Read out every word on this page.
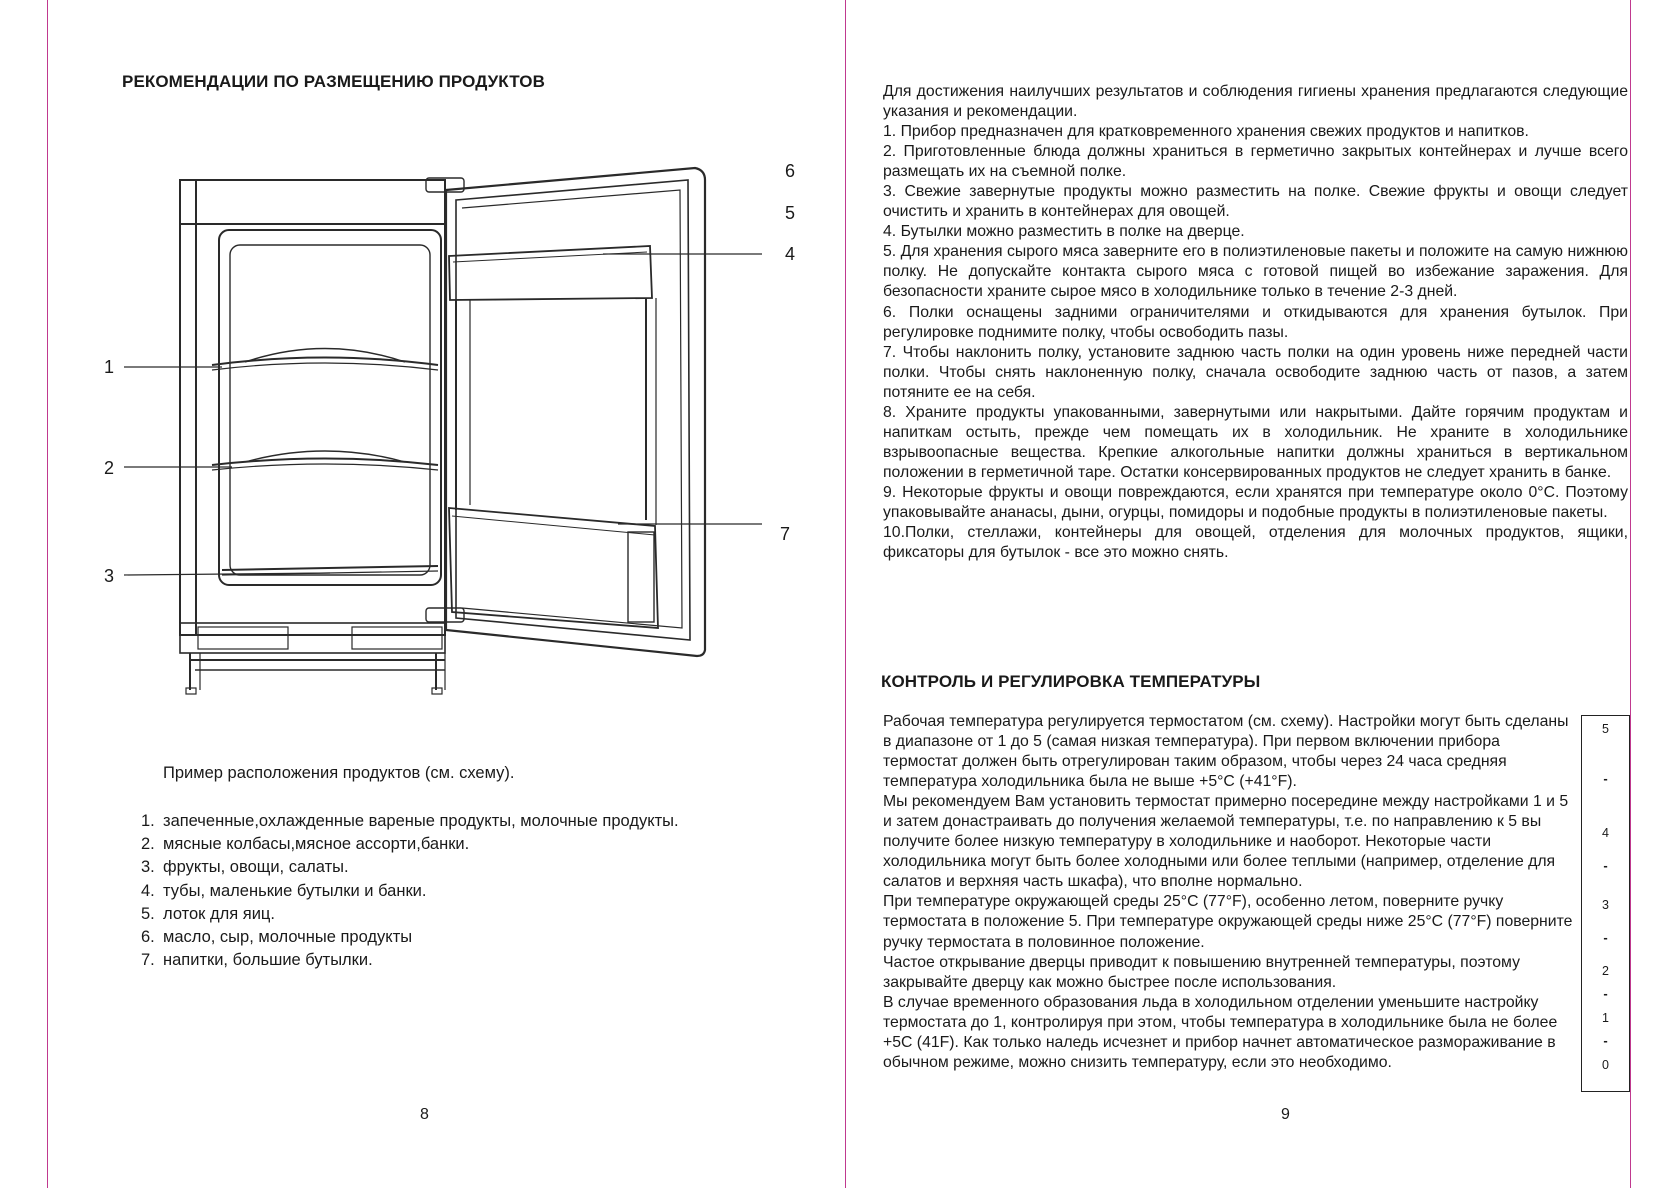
РЕКОМЕНДАЦИИ ПО РАЗМЕЩЕНИЮ ПРОДУКТОВ
1
2
3
4
5
6
7

Пример расположения продуктов (см. схему).

1. запеченные,охлажденные вареные продукты, молочные продукты.
2. мясные колбасы,мясное ассорти,банки.
3. фрукты, овощи, салаты.
4. тубы, маленькие бутылки и банки.
5. лоток для яиц.
6. масло, сыр, молочные продукты
7. напитки, большие бутылки.
8

Для достижения наилучших результатов и соблюдения гигиены хранения предлагаются следующие указания и рекомендации.

1. Прибор предназначен для кратковременного хранения свежих продуктов и напитков.

2. Приготовленные блюда должны храниться в герметично закрытых контейнерах и лучше всего размещать их на съемной полке.

3. Свежие завернутые продукты можно разместить на полке. Свежие фрукты и овощи следует очистить и хранить в контейнерах для овощей.

4. Бутылки можно разместить в полке на дверце.

5. Для хранения сырого мяса заверните его в полиэтиленовые пакеты и положите на самую нижнюю полку. Не допускайте контакта сырого мяса с готовой пищей во избежание заражения. Для безопасности храните сырое мясо в холодильнике только в течение 2-3 дней.

6. Полки оснащены задними ограничителями и откидываются для хранения бутылок. При регулировке поднимите полку, чтобы освободить пазы.

7. Чтобы наклонить полку, установите заднюю часть полки на один уровень ниже передней части полки. Чтобы снять наклоненную полку, сначала освободите заднюю часть от пазов, а затем потяните ее на себя.

8. Храните продукты упакованными, завернутыми или накрытыми. Дайте горячим продуктам и напиткам остыть, прежде чем помещать их в холодильник. Не храните в холодильнике взрывоопасные вещества. Крепкие алкогольные напитки должны храниться в вертикальном положении в герметичной таре. Остатки консервированных продуктов не следует хранить в банке.

9. Некоторые фрукты и овощи повреждаются, если хранятся при температуре около 0°C. Поэтому упаковывайте ананасы, дыни, огурцы, помидоры и подобные продукты в полиэтиленовые пакеты.

10.Полки, стеллажи, контейнеры для овощей, отделения для молочных продуктов, ящики, фиксаторы для бутылок - все это можно снять.

КОНТРОЛЬ И РЕГУЛИРОВКА ТЕМПЕРАТУРЫ

Рабочая температура регулируется термостатом (см. схему). Настройки могут быть сделаны в диапазоне от 1 до 5 (самая низкая температура). При первом включении прибора термостат должен быть отрегулирован таким образом, чтобы через 24 часа средняя температура холодильника была не выше +5°С (+41°F).

Мы рекомендуем Вам установить термостат примерно посередине между настройками 1 и 5 и затем донастраивать до получения желаемой температуры, т.е. по направлению к 5 вы получите более низкую температуру в холодильнике и наоборот. Некоторые части холодильника могут быть более холодными или более теплыми (например, отделение для салатов и верхняя часть шкафа), что вполне нормально.

При температуре окружающей среды 25°С (77°F), особенно летом, поверните ручку термостата в положение 5. При температуре окружающей среды ниже 25°С (77°F) поверните ручку термостата в половинное положение.

Частое открывание дверцы приводит к повышению внутренней температуры, поэтому закрывайте дверцу как можно быстрее после использования.

В случае временного образования льда в холодильном отделении уменьшите настройку термостата до 1, контролируя при этом, чтобы температура в холодильнике была не более +5С (41F). Как только наледь исчезнет и прибор начнет автоматическое размораживание в обычном режиме, можно снизить температуру, если это необходимо.

5
-
4
-
3
-
2
-
1
-
0
9
